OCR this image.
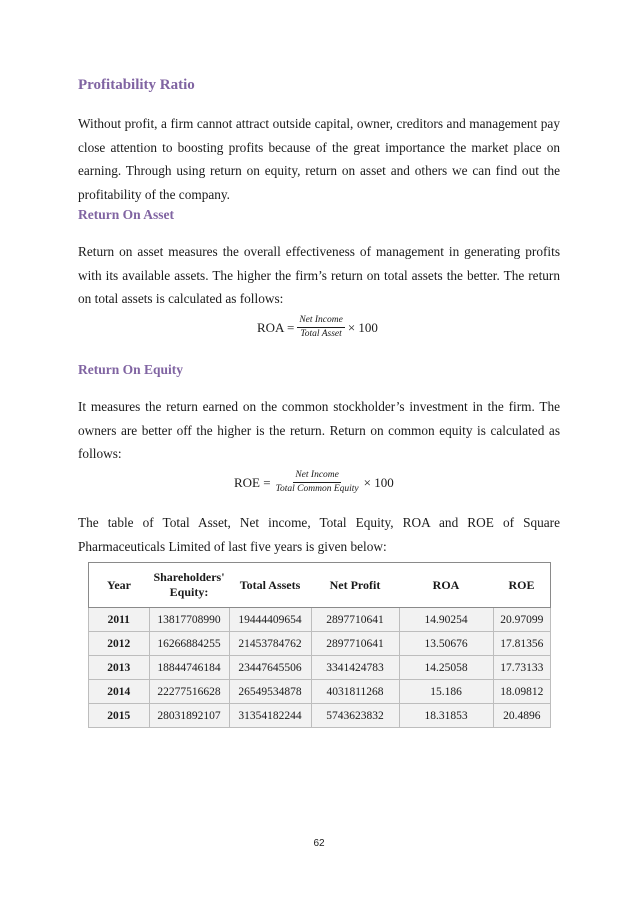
Profitability Ratio

Without profit, a firm cannot attract outside capital, owner, creditors and management pay close attention to boosting profits because of the great importance the market place on earning. Through using return on equity, return on asset and others we can find out the profitability of the company.

Return On Asset

Return on asset measures the overall effectiveness of management in generating profits with its available assets. The higher the firm’s return on total assets the better. The return on total assets is calculated as follows:

ROA = $\frac{\text{Net Income}}{\text{Total Asset}} \times 100$
Return On Equity

It measures the return earned on the common stockholder’s investment in the firm. The owners are better off the higher is the return. Return on common equity is calculated as follows:

ROE = $\frac{\text{Net Income}}{\text{Total Common Equity}} \times 100$

The table of Total Asset, Net income, Total Equity, ROA and ROE of Square Pharmaceuticals Limited of last five years is given below:

Year	Shareholders' Equity:	Total Assets	Net Profit	ROA	ROE
2011	13817708990	19444409654	2897710641	14.90254	20.97099
2012	16266884255	21453784762	2897710641	13.50676	17.81356
2013	18844746184	23447645506	3341424783	14.25058	17.73133
2014	22277516628	26549534878	4031811268	15.186	18.09812
2015	28031892107	31354182244	5743623832	18.31853	20.4896
62
